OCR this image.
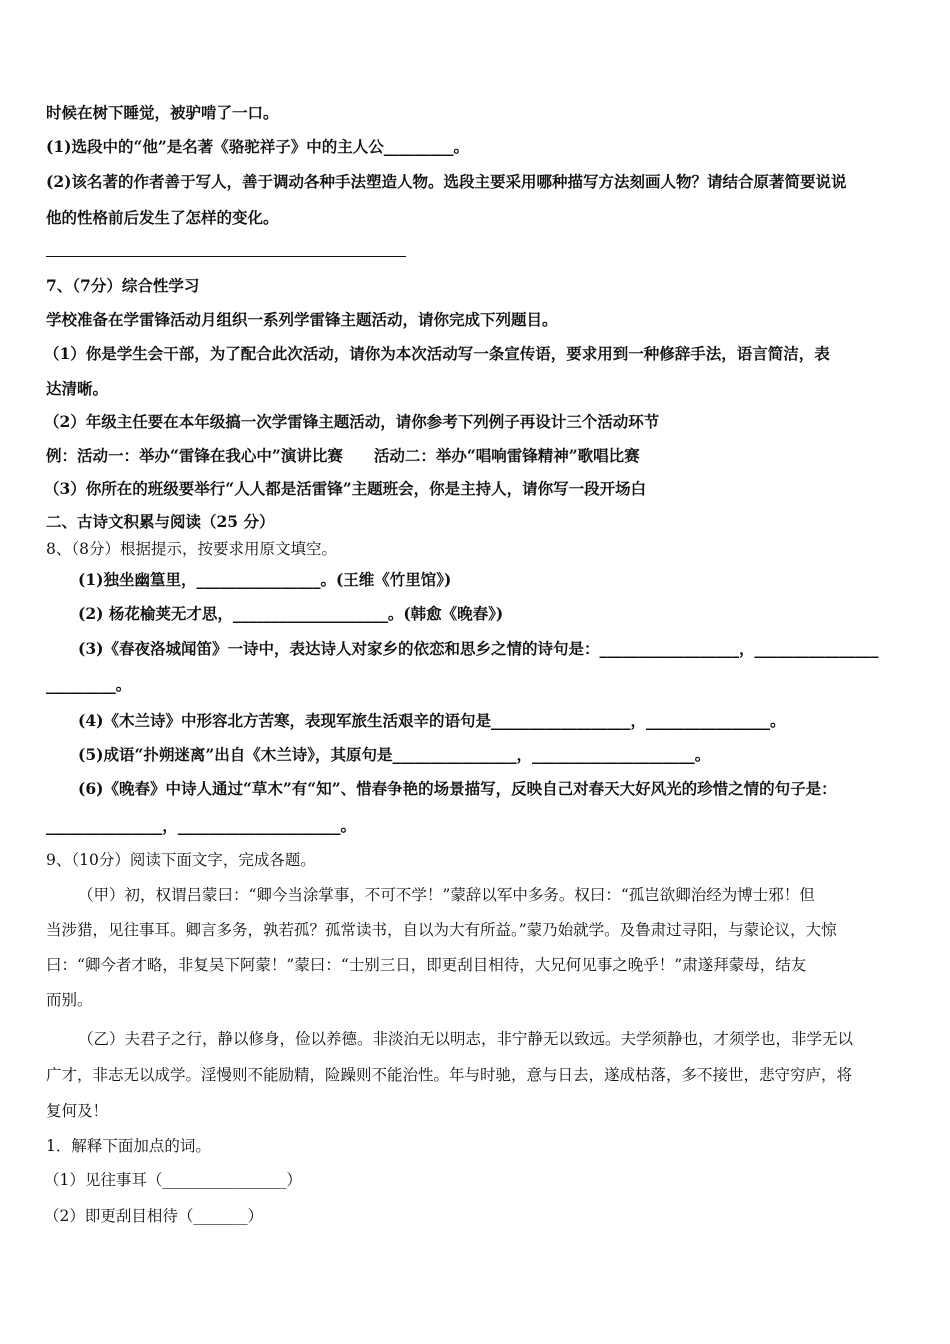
时候在树下睡觉，被驴啃了一口。
(1)选段中的“他”是名著《骆驼祥子》中的主人公_________。
(2)该名著的作者善于写人，善于调动各种手法塑造人物。选段主要采用哪种描写方法刻画人物？请结合原著简要说说
他的性格前后发生了怎样的变化。
7、（7分）综合性学习
学校准备在学雷锋活动月组织一系列学雷锋主题活动，请你完成下列题目。
（1）你是学生会干部，为了配合此次活动，请你为本次活动写一条宣传语，要求用到一种修辞手法，语言简洁，表
达清晰。
（2）年级主任要在本年级搞一次学雷锋主题活动，请你参考下列例子再设计三个活动环节
例：活动一：举办“雷锋在我心中”演讲比赛　　活动二：举办“唱响雷锋精神”歌唱比赛
（3）你所在的班级要举行“人人都是活雷锋”主题班会，你是主持人，请你写一段开场白
二、古诗文积累与阅读（25 分）
8、（8分）根据提示，按要求用原文填空。
(1)独坐幽篁里，________________。(王维《竹里馆》)
(2) 杨花榆荚无才思，____________________。(韩愈《晚春》)
(3)《春夜洛城闻笛》一诗中，表达诗人对家乡的依恋和思乡之情的诗句是：__________________，________________
_________。
(4)《木兰诗》中形容北方苦寒，表现军旅生活艰辛的语句是__________________，________________。
(5)成语“扑朔迷离”出自《木兰诗》，其原句是________________，_____________________。
(6)《晚春》中诗人通过“草木”有“知”、惜春争艳的场景描写，反映自己对春天大好风光的珍惜之情的句子是：
_______________，_____________________。
9、（10分）阅读下面文字，完成各题。
（甲）初，权谓吕蒙曰：“卿今当涂掌事，不可不学！”蒙辞以军中多务。权曰：“孤岂欲卿治经为博士邪！但
当涉猎，见往事耳。卿言多务，孰若孤？孤常读书，自以为大有所益。”蒙乃始就学。及鲁肃过寻阳，与蒙论议，大惊
曰：“卿今者才略，非复吴下阿蒙！”蒙曰：“士别三日，即更刮目相待，大兄何见事之晚乎！”肃遂拜蒙母，结友
而别。
（乙）夫君子之行，静以修身，俭以养德。非淡泊无以明志，非宁静无以致远。夫学须静也，才须学也，非学无以
广才，非志无以成学。淫慢则不能励精，险躁则不能治性。年与时驰，意与日去，遂成枯落，多不接世，悲守穷庐，将
复何及！
1．解释下面加点的词。
（1）见往事耳（________________）
（2）即更刮目相待（_______）
